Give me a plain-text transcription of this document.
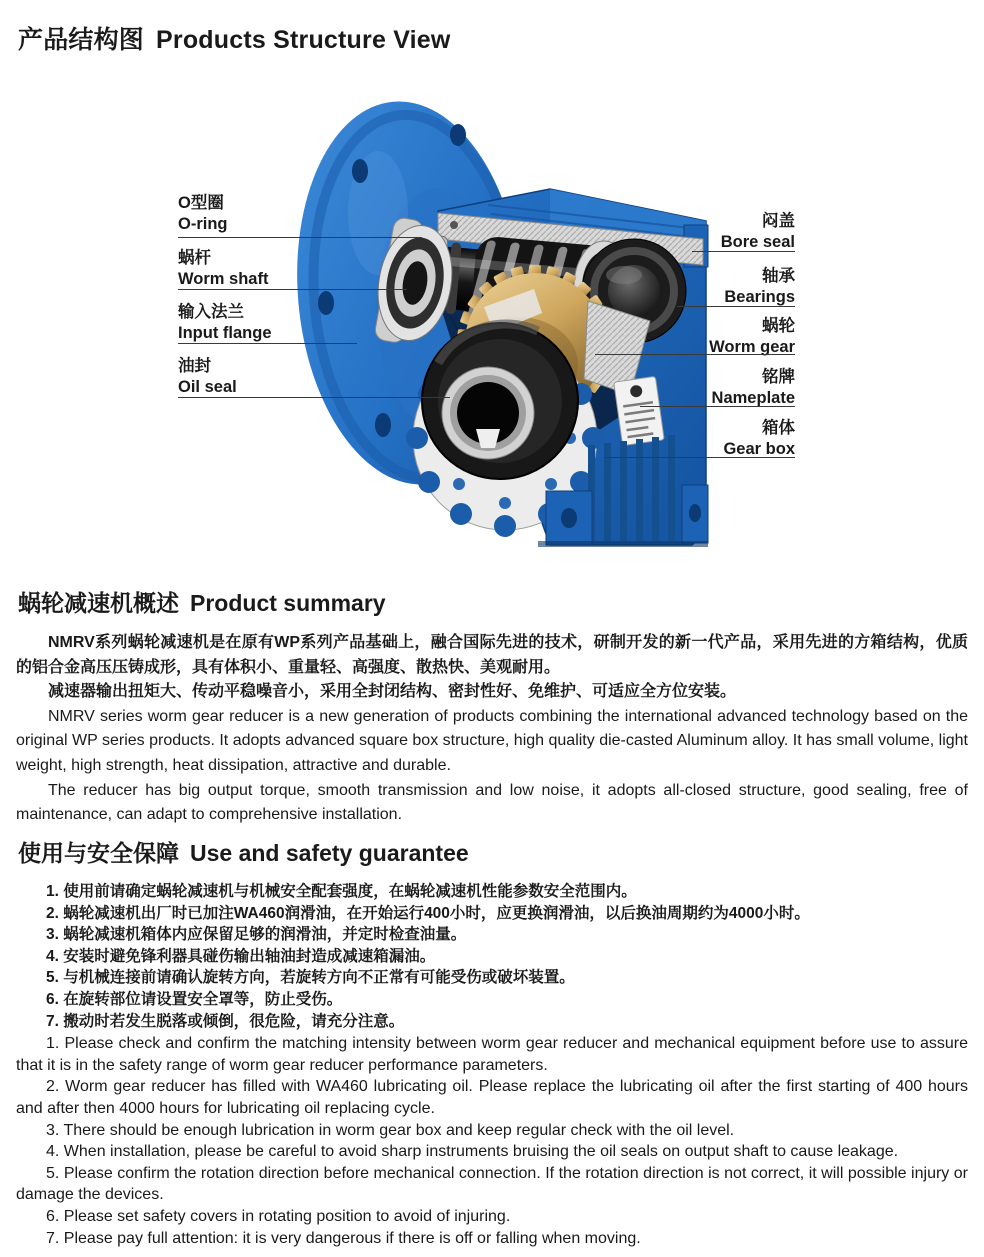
产品结构图 Products Structure View
O型圈
O-ring
蜗杆
Worm shaft
输入法兰
Input flange
油封
Oil seal
闷盖
Bore seal
轴承
Bearings
蜗轮
Worm gear
铭牌
Nameplate
箱体
Gear box
蜗轮减速机概述 Product summary

NMRV系列蜗轮减速机是在原有WP系列产品基础上，融合国际先进的技术，研制开发的新一代产品，采用先进的方箱结构，优质的铝合金高压压铸成形，具有体积小、重量轻、高强度、散热快、美观耐用。

减速器输出扭矩大、传动平稳噪音小，采用全封闭结构、密封性好、免维护、可适应全方位安装。

NMRV series worm gear reducer is a new generation of products combining the international advanced technology based on the original WP series products. It adopts advanced square box structure, high quality die-casted Aluminum alloy. It has small volume, light weight, high strength, heat dissipation, attractive and durable.

The reducer has big output torque, smooth transmission and low noise, it adopts all-closed structure, good sealing, free of maintenance, can adapt to comprehensive installation.

使用与安全保障 Use and safety guarantee

1. 使用前请确定蜗轮减速机与机械安全配套强度，在蜗轮减速机性能参数安全范围内。

2. 蜗轮减速机出厂时已加注WA460润滑油，在开始运行400小时，应更换润滑油，以后换油周期约为4000小时。

3. 蜗轮减速机箱体内应保留足够的润滑油，并定时检查油量。

4. 安装时避免锋利器具碰伤输出轴油封造成减速箱漏油。

5. 与机械连接前请确认旋转方向，若旋转方向不正常有可能受伤或破坏装置。

6. 在旋转部位请设置安全罩等，防止受伤。

7. 搬动时若发生脱落或倾倒，很危险，请充分注意。

1. Please check and confirm the matching intensity between worm gear reducer and mechanical equipment before use to assure that it is in the safety range of worm gear reducer performance parameters.

2. Worm gear reducer has filled with WA460 lubricating oil. Please replace the lubricating oil after the first starting of 400 hours and after then 4000 hours for lubricating oil replacing cycle.

3. There should be enough lubrication in worm gear box and keep regular check with the oil level.

4. When installation, please be careful to avoid sharp instruments bruising the oil seals on output shaft to cause leakage.

5. Please confirm the rotation direction before mechanical connection. If the rotation direction is not correct, it will possible injury or damage the devices.

6. Please set safety covers in rotating position to avoid of injuring.

7. Please pay full attention: it is very dangerous if there is off or falling when moving.
